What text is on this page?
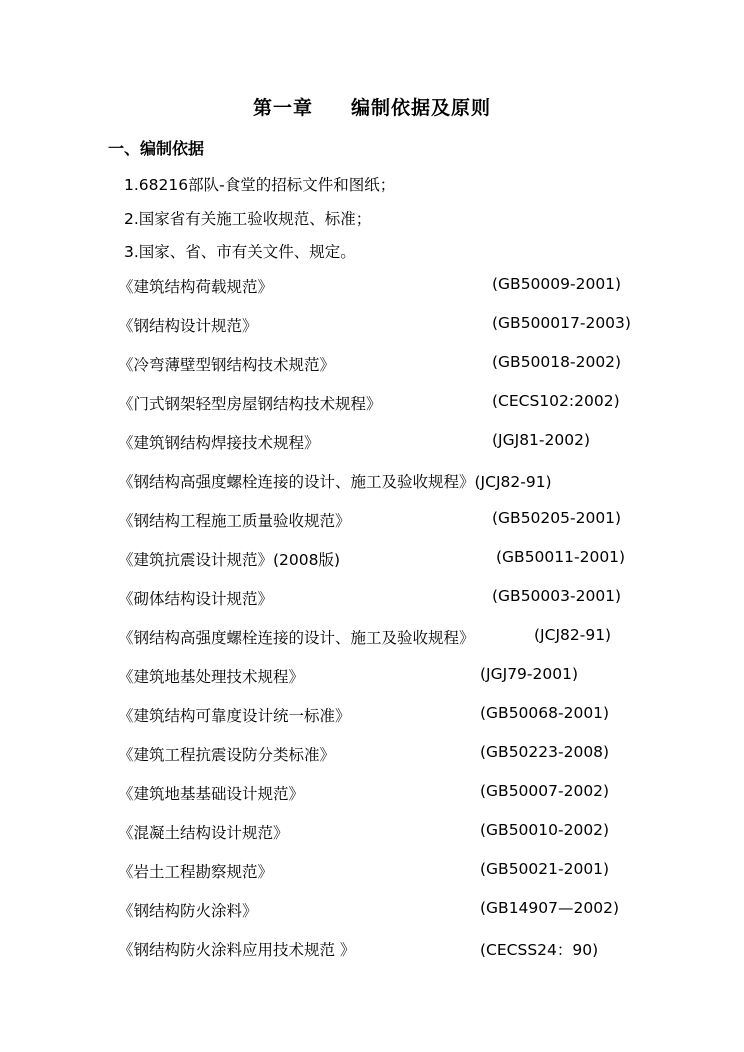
第一章     编制依据及原则
一、编制依据
1.68216部队-食堂的招标文件和图纸；
2.国家省有关施工验收规范、标准；
3.国家、省、市有关文件、规定。
《建筑结构荷载规范》	(GB50009-2001)
《钢结构设计规范》	(GB500017-2003)
《冷弯薄壁型钢结构技术规范》	(GB50018-2002)
《门式钢架轻型房屋钢结构技术规程》	(CECS102:2002)
《建筑钢结构焊接技术规程》	(JGJ81-2002)
《钢结构高强度螺栓连接的设计、施工及验收规程》(JCJ82-91)
《钢结构工程施工质量验收规范》	(GB50205-2001)
《建筑抗震设计规范》(2008版)	(GB50011-2001)
《砌体结构设计规范》	(GB50003-2001)
《钢结构高强度螺栓连接的设计、施工及验收规程》	(JCJ82-91)
《建筑地基处理技术规程》	(JGJ79-2001)
《建筑结构可靠度设计统一标准》	(GB50068-2001)
《建筑工程抗震设防分类标准》	(GB50223-2008)
《建筑地基基础设计规范》	(GB50007-2002)
《混凝土结构设计规范》	(GB50010-2002)
《岩土工程勘察规范》	(GB50021-2001)
《钢结构防火涂料》	(GB14907—2002)
《钢结构防火涂料应用技术规范 》	(CECSS24：90)
